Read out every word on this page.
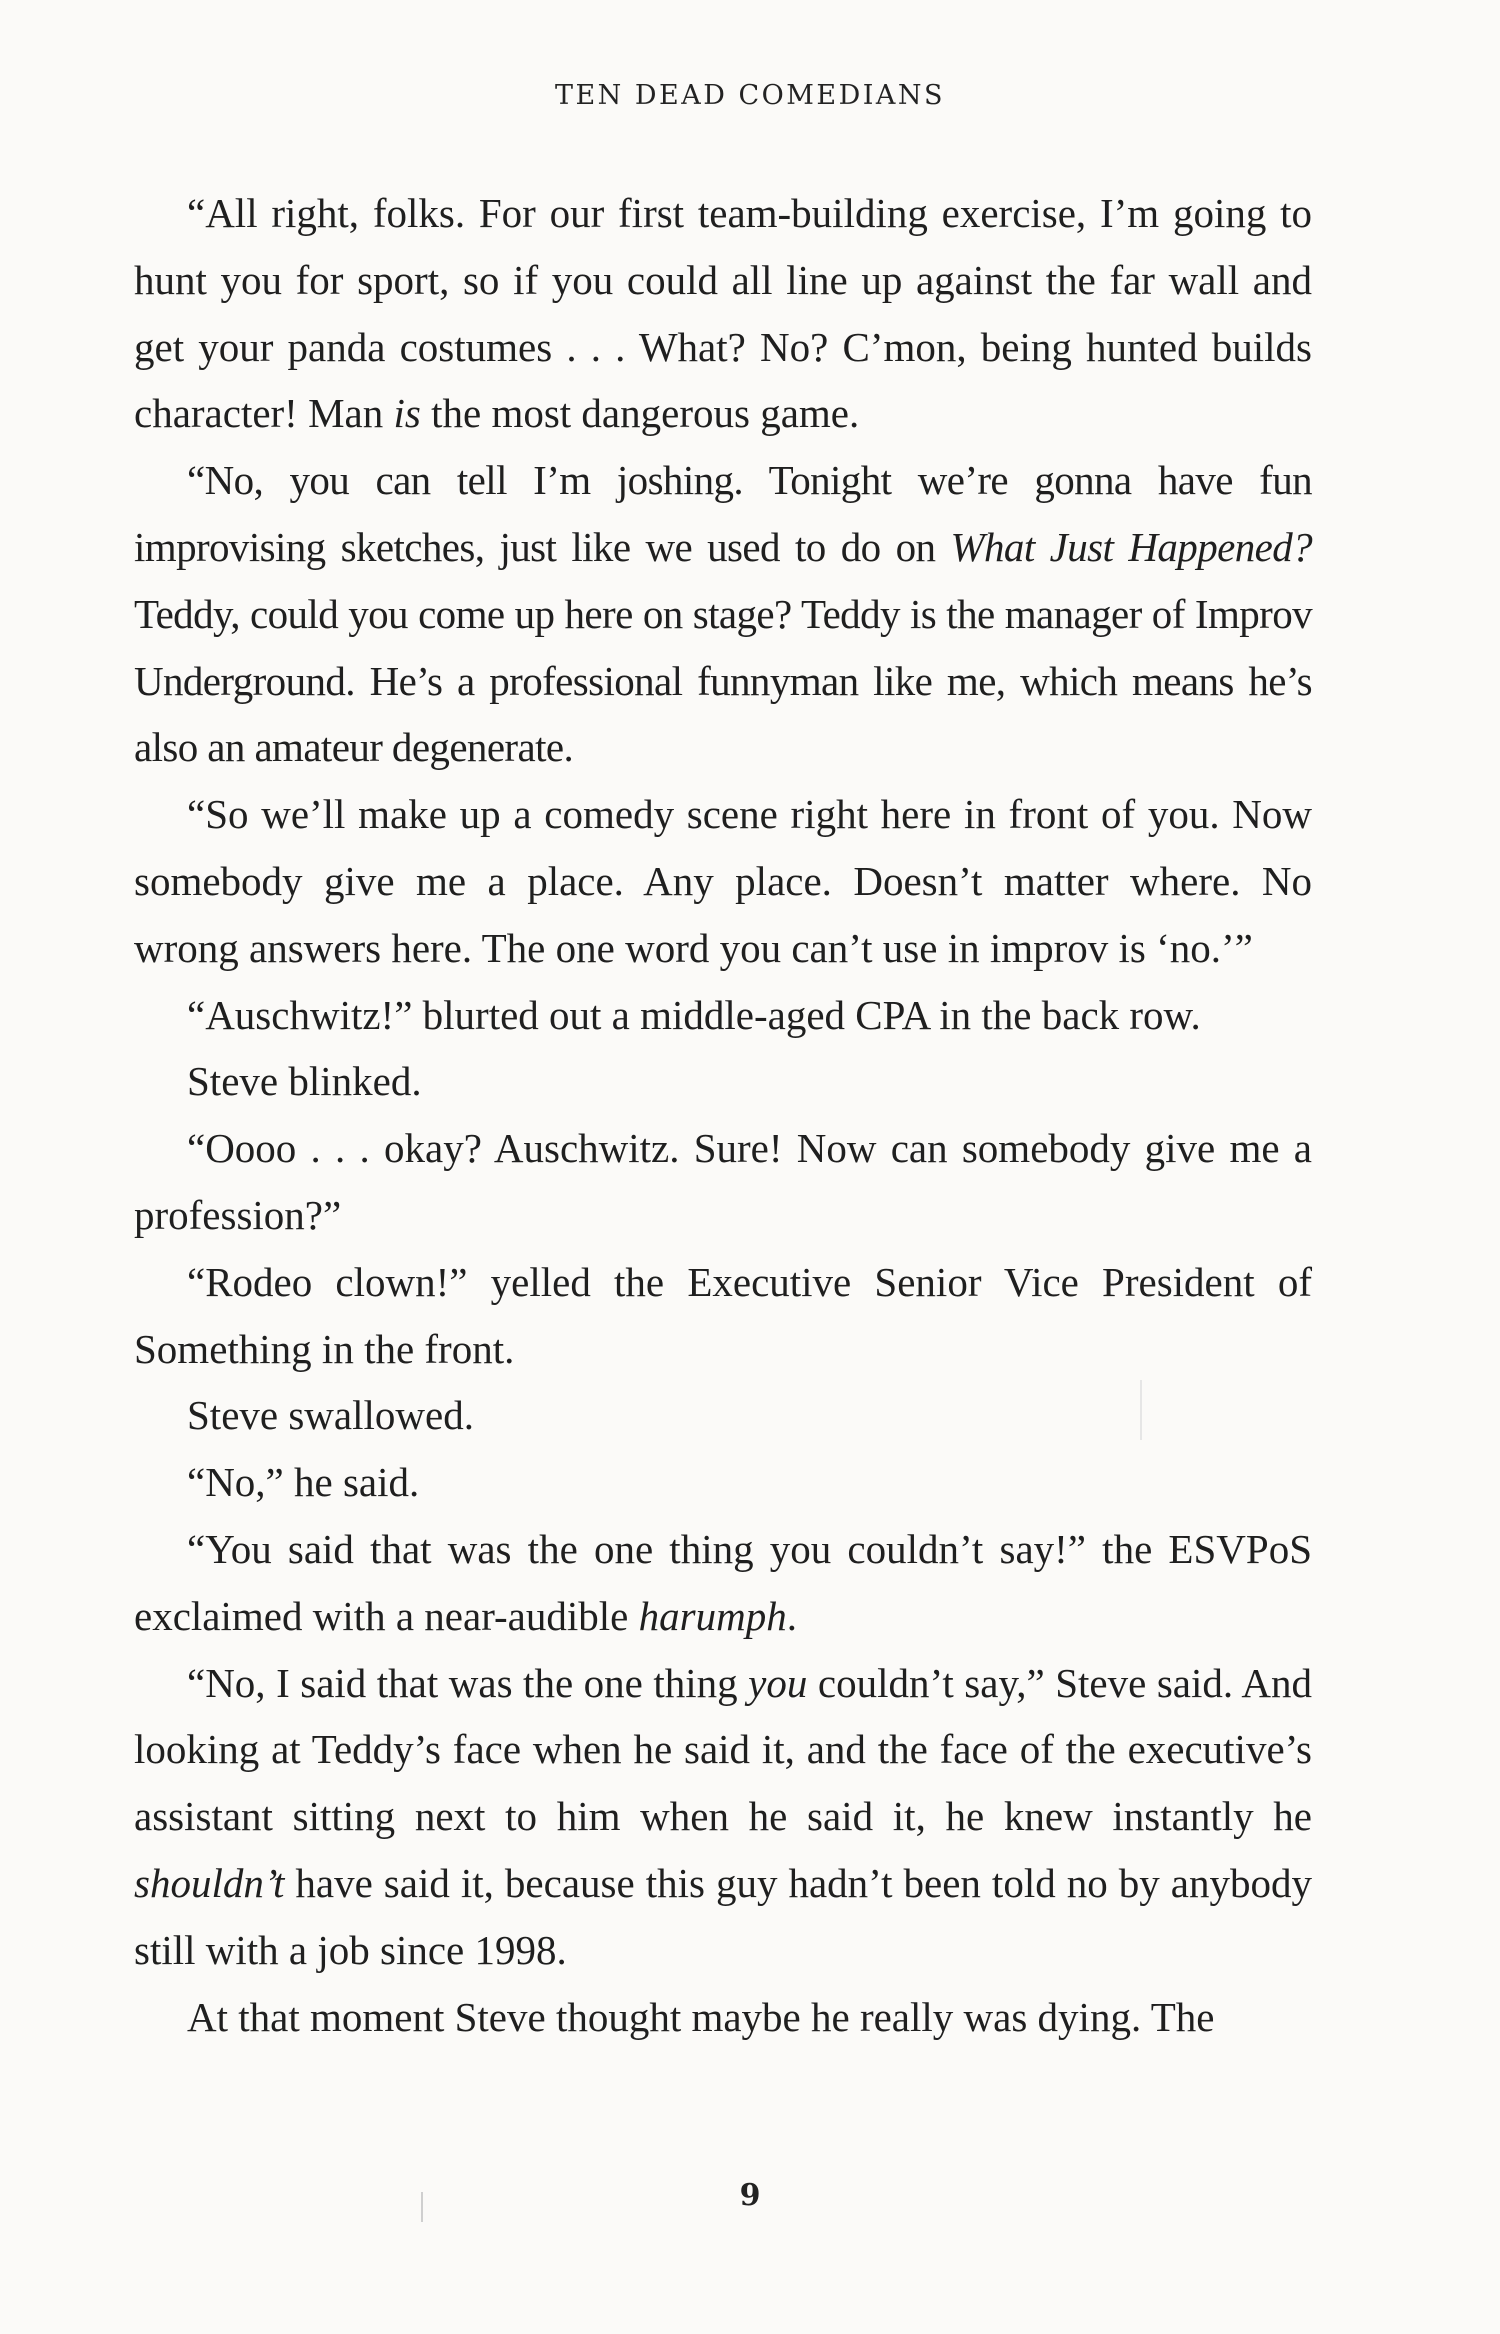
TEN DEAD COMEDIANS

“All right, folks. For our first team-building exercise, I’m going to hunt you for sport, so if you could all line up against the far wall and get your panda costumes . . . What? No? C’mon, being hunted builds character! Man is the most dangerous game.

“No, you can tell I’m joshing. Tonight we’re gonna have fun improvising sketches, just like we used to do on What Just Happened? Teddy, could you come up here on stage? Teddy is the manager of Improv Underground. He’s a professional funnyman like me, which means he’s also an amateur degenerate.

“So we’ll make up a comedy scene right here in front of you. Now somebody give me a place. Any place. Doesn’t matter where. No wrong answers here. The one word you can’t use in improv is ‘no.’”

“Auschwitz!” blurted out a middle-aged CPA in the back row.

Steve blinked.

“Oooo . . . okay? Auschwitz. Sure! Now can somebody give me a profession?”

“Rodeo clown!” yelled the Executive Senior Vice President of Something in the front.

Steve swallowed.

“No,” he said.

“You said that was the one thing you couldn’t say!” the ESVPoS exclaimed with a near-audible harumph.

“No, I said that was the one thing you couldn’t say,” Steve said. And looking at Teddy’s face when he said it, and the face of the executive’s assistant sitting next to him when he said it, he knew instantly he shouldn’t have said it, because this guy hadn’t been told no by anybody still with a job since 1998.

At that moment Steve thought maybe he really was dying. The

9
